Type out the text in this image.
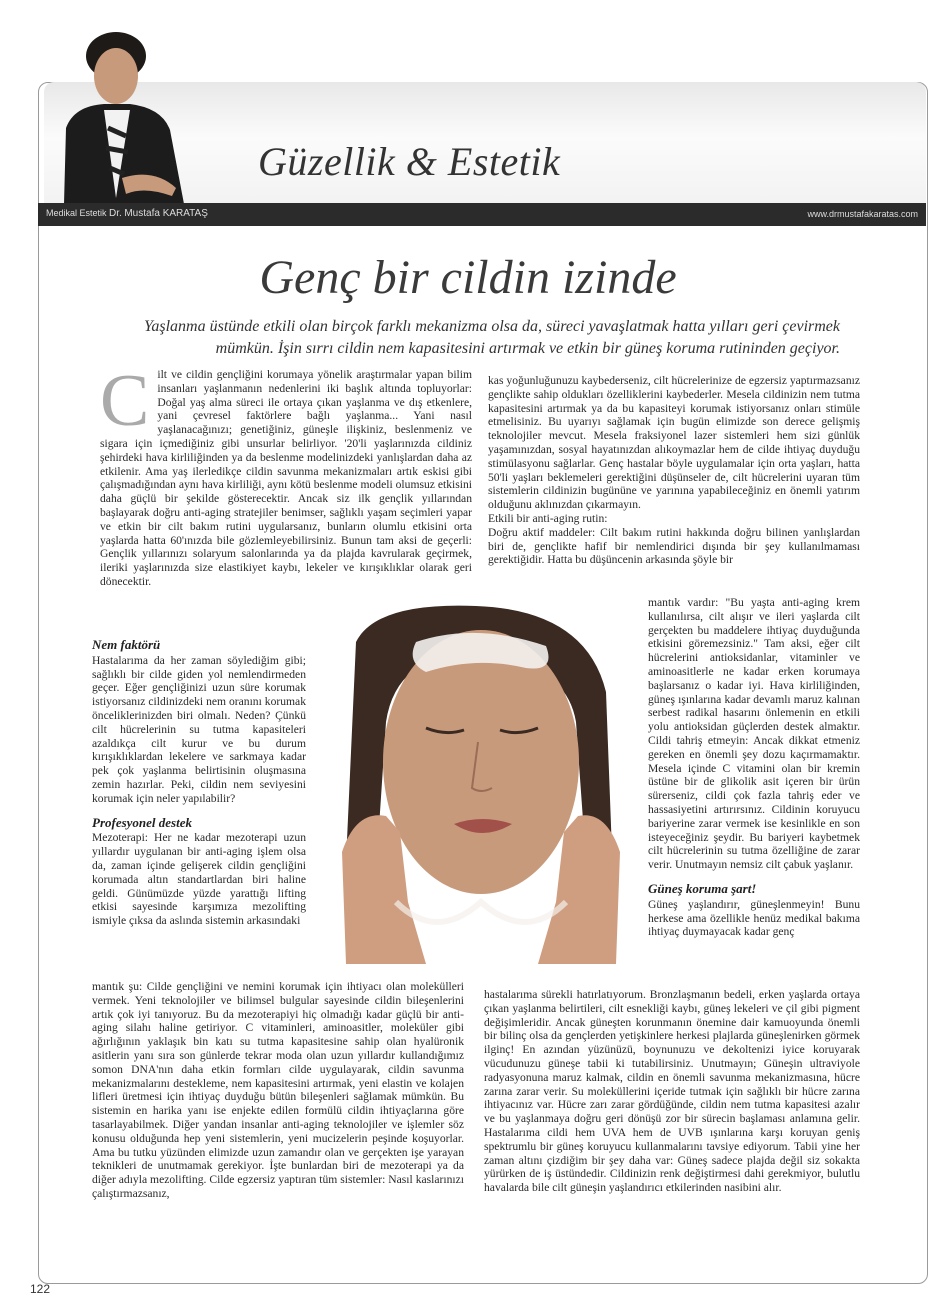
Güzellik & Estetik
Medikal Estetik Dr. Mustafa KARATAŞ	www.drmustafakaratas.com
Genç bir cildin izinde
Yaşlanma üstünde etkili olan birçok farklı mekanizma olsa da, süreci yavaşlatmak hatta yılları geri çevirmek mümkün. İşin sırrı cildin nem kapasitesini artırmak ve etkin bir güneş koruma rutininden geçiyor.

Cilt ve cildin gençliğini korumaya yönelik araştırmalar yapan bilim insanları yaşlanmanın nedenlerini iki başlık altında topluyorlar: Doğal yaş alma süreci ile ortaya çıkan yaşlanma ve dış etkenlere, yani çevresel faktörlere bağlı yaşlanma... Yani nasıl yaşlanacağınızı; genetiğiniz, güneşle ilişkiniz, beslenmeniz ve sigara için içmediğiniz gibi unsurlar belirliyor. '20'li yaşlarınızda cildiniz şehirdeki hava kirliliğinden ya da beslenme modelinizdeki yanlışlardan daha az etkilenir. Ama yaş ilerledikçe cildin savunma mekanizmaları artık eskisi gibi çalışmadığından aynı hava kirliliği, aynı kötü beslenme modeli olumsuz etkisini daha güçlü bir şekilde gösterecektir. Ancak siz ilk gençlik yıllarından başlayarak doğru anti-aging stratejiler benimser, sağlıklı yaşam seçimleri yapar ve etkin bir cilt bakım rutini uygularsanız, bunların olumlu etkisini orta yaşlarda hatta 60'ınızda bile gözlemleyebilirsiniz. Bunun tam aksi de geçerli: Gençlik yıllarınızı solaryum salonlarında ya da plajda kavrularak geçirmek, ileriki yaşlarınızda size elastikiyet kaybı, lekeler ve kırışıklıklar olarak geri dönecektir.

Nem faktörü

Hastalarıma da her zaman söylediğim gibi; sağlıklı bir cilde giden yol nemlendirmeden geçer. Eğer gençliğinizi uzun süre korumak istiyorsanız cildinizdeki nem oranını korumak önceliklerinizden biri olmalı. Neden? Çünkü cilt hücrelerinin su tutma kapasiteleri azaldıkça cilt kurur ve bu durum kırışıklıklardan lekelere ve sarkmaya kadar pek çok yaşlanma belirtisinin oluşmasına zemin hazırlar. Peki, cildin nem seviyesini korumak için neler yapılabilir?

Profesyonel destek

Mezoterapi: Her ne kadar mezoterapi uzun yıllardır uygulanan bir anti-aging işlem olsa da, zaman içinde gelişerek cildin gençliğini korumada altın standartlardan biri haline geldi. Günümüzde yüzde yarattığı lifting etkisi sayesinde karşımıza mezolifting ismiyle çıksa da aslında sistemin arkasındaki

mantık şu: Cilde gençliğini ve nemini korumak için ihtiyacı olan molekülleri vermek. Yeni teknolojiler ve bilimsel bulgular sayesinde cildin bileşenlerini artık çok iyi tanıyoruz. Bu da mezoterapiyi hiç olmadığı kadar güçlü bir anti-aging silahı haline getiriyor. C vitaminleri, aminoasitler, moleküler gibi ağırlığının yaklaşık bin katı su tutma kapasitesine sahip olan hyalüronik asitlerin yanı sıra son günlerde tekrar moda olan uzun yıllardır kullandığımız somon DNA'nın daha etkin formları cilde uygulayarak, cildin savunma mekanizmalarını destekleme, nem kapasitesini artırmak, yeni elastin ve kolajen lifleri üretmesi için ihtiyaç duyduğu bütün bileşenleri sağlamak mümkün. Bu sistemin en harika yanı ise enjekte edilen formülü cildin ihtiyaçlarına göre tasarlayabilmek. Diğer yandan insanlar anti-aging teknolojiler ve işlemler söz konusu olduğunda hep yeni sistemlerin, yeni mucizelerin peşinde koşuyorlar. Ama bu tutku yüzünden elimizde uzun zamandır olan ve gerçekten işe yarayan teknikleri de unutmamak gerekiyor. İşte bunlardan biri de mezoterapi ya da diğer adıyla mezolifting. Cilde egzersiz yaptıran tüm sistemler: Nasıl kaslarınızı çalıştırmazsanız,

kas yoğunluğunuzu kaybederseniz, cilt hücrelerinize de egzersiz yaptırmazsanız gençlikte sahip oldukları özelliklerini kaybederler. Mesela cildinizin nem tutma kapasitesini artırmak ya da bu kapasiteyi korumak istiyorsanız onları stimüle etmelisiniz. Bu uyarıyı sağlamak için bugün elimizde son derece gelişmiş teknolojiler mevcut. Mesela fraksiyonel lazer sistemleri hem sizi günlük yaşamınızdan, sosyal hayatınızdan alıkoymazlar hem de cilde ihtiyaç duyduğu stimülasyonu sağlarlar. Genç hastalar böyle uygulamalar için orta yaşları, hatta 50'li yaşları beklemeleri gerektiğini düşünseler de, cilt hücrelerini uyaran tüm sistemlerin cildinizin bugününe ve yarınına yapabileceğiniz en önemli yatırım olduğunu aklınızdan çıkarmayın.

Etkili bir anti-aging rutin:

Doğru aktif maddeler: Cilt bakım rutini hakkında doğru bilinen yanlışlardan biri de, gençlikte hafif bir nemlendirici dışında bir şey kullanılmaması gerektiğidir. Hatta bu düşüncenin arkasında şöyle bir

mantık vardır: "Bu yaşta anti-aging krem kullanılırsa, cilt alışır ve ileri yaşlarda cilt gerçekten bu maddelere ihtiyaç duyduğunda etkisini göremezsiniz." Tam aksi, eğer cilt hücrelerini antioksidanlar, vitaminler ve aminoasitlerle ne kadar erken korumaya başlarsanız o kadar iyi. Hava kirliliğinden, güneş ışınlarına kadar devamlı maruz kalınan serbest radikal hasarını önlemenin en etkili yolu antioksidan güçlerden destek almaktır. Cildi tahriş etmeyin: Ancak dikkat etmeniz gereken en önemli şey dozu kaçırmamaktır. Mesela içinde C vitamini olan bir kremin üstüne bir de glikolik asit içeren bir ürün sürerseniz, cildi çok fazla tahriş eder ve hassasiyetini artırırsınız. Cildinin koruyucu bariyerine zarar vermek ise kesinlikle en son isteyeceğiniz şeydir. Bu bariyeri kaybetmek cilt hücrelerinin su tutma özelliğine de zarar verir. Unutmayın nemsiz cilt çabuk yaşlanır.

Güneş koruma şart!

Güneş yaşlandırır, güneşlenmeyin! Bunu herkese ama özellikle henüz medikal bakıma ihtiyaç duymayacak kadar genç

hastalarıma sürekli hatırlatıyorum. Bronzlaşmanın bedeli, erken yaşlarda ortaya çıkan yaşlanma belirtileri, cilt esnekliği kaybı, güneş lekeleri ve çil gibi pigment değişimleridir. Ancak güneşten korunmanın önemine dair kamuoyunda önemli bir bilinç olsa da gençlerden yetişkinlere herkesi plajlarda güneşlenirken görmek ilginç! En azından yüzünüzü, boynunuzu ve dekoltenizi iyice koruyarak vücudunuzu güneşe tabii ki tutabilirsiniz. Unutmayın; Güneşin ultraviyole radyasyonuna maruz kalmak, cildin en önemli savunma mekanizmasına, hücre zarına zarar verir. Su moleküllerini içeride tutmak için sağlıklı bir hücre zarına ihtiyacınız var. Hücre zarı zarar gördüğünde, cildin nem tutma kapasitesi azalır ve bu yaşlanmaya doğru geri dönüşü zor bir sürecin başlaması anlamına gelir. Hastalarıma cildi hem UVA hem de UVB ışınlarına karşı koruyan geniş spektrumlu bir güneş koruyucu kullanmalarını tavsiye ediyorum. Tabii yine her zaman altını çizdiğim bir şey daha var: Güneş sadece plajda değil siz sokakta yürürken de iş üstündedir. Cildinizin renk değiştirmesi dahi gerekmiyor, bulutlu havalarda bile cilt güneşin yaşlandırıcı etkilerinden nasibini alır.

122
